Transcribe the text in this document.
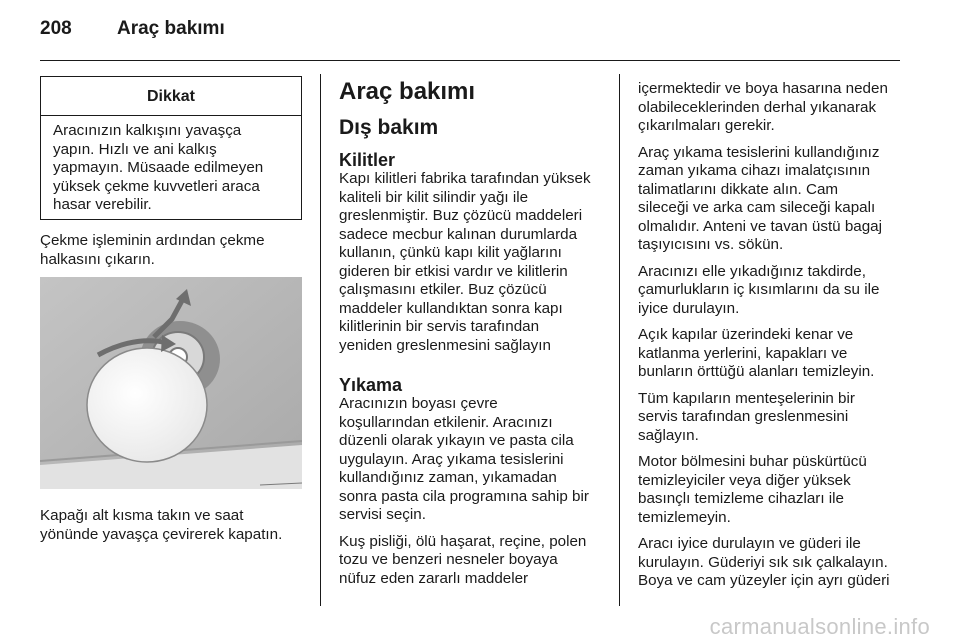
208 Araç bakımı
Dikkat
Aracınızın kalkışını yavaşça
yapın. Hızlı ve ani kalkış
yapmayın. Müsaade edilmeyen
yüksek çekme kuvvetleri araca
hasar verebilir.

Çekme işleminin ardından çekme
halkasını çıkarın.

Kapağı alt kısma takın ve saat
yönünde yavaşça çevirerek kapatın.

Araç bakımı
Dış bakım
Kilitler

Kapı kilitleri fabrika tarafından yüksek
kaliteli bir kilit silindir yağı ile
greslenmiştir. Buz çözücü maddeleri
sadece mecbur kalınan durumlarda
kullanın, çünkü kapı kilit yağlarını
gideren bir etkisi vardır ve kilitlerin
çalışmasını etkiler. Buz çözücü
maddeler kullandıktan sonra kapı
kilitlerinin bir servis tarafından
yeniden greslenmesini sağlayın

Yıkama

Aracınızın boyası çevre
koşullarından etkilenir. Aracınızı
düzenli olarak yıkayın ve pasta cila
uygulayın. Araç yıkama tesislerini
kullandığınız zaman, yıkamadan
sonra pasta cila programına sahip bir
servisi seçin.

Kuş pisliği, ölü haşarat, reçine, polen
tozu ve benzeri nesneler boyaya
nüfuz eden zararlı maddeler

içermektedir ve boya hasarına neden
olabileceklerinden derhal yıkanarak
çıkarılmaları gerekir.

Araç yıkama tesislerini kullandığınız
zaman yıkama cihazı imalatçısının
talimatlarını dikkate alın. Cam
sileceği ve arka cam sileceği kapalı
olmalıdır. Anteni ve tavan üstü bagaj
taşıyıcısını vs. sökün.

Aracınızı elle yıkadığınız takdirde,
çamurlukların iç kısımlarını da su ile
iyice durulayın.

Açık kapılar üzerindeki kenar ve
katlanma yerlerini, kapakları ve
bunların örttüğü alanları temizleyin.

Tüm kapıların menteşelerinin bir
servis tarafından greslenmesini
sağlayın.

Motor bölmesini buhar püskürtücü
temizleyiciler veya diğer yüksek
basınçlı temizleme cihazları ile
temizlemeyin.

Aracı iyice durulayın ve güderi ile
kurulayın. Güderiyi sık sık çalkalayın.
Boya ve cam yüzeyler için ayrı güderi

carmanualsonline.info
